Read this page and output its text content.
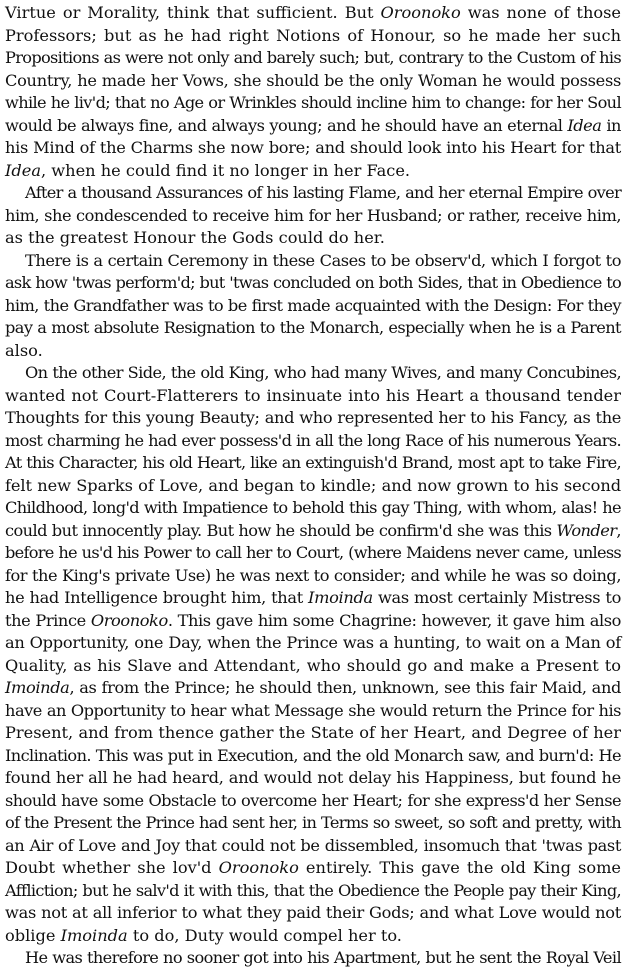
Virtue or Morality, think that sufficient. But Oroonoko was none of those
Professors; but as he had right Notions of Honour, so he made her such
Propositions as were not only and barely such; but, contrary to the Custom of his
Country, he made her Vows, she should be the only Woman he would possess
while he liv'd; that no Age or Wrinkles should incline him to change: for her Soul
would be always fine, and always young; and he should have an eternal Idea in
his Mind of the Charms she now bore; and should look into his Heart for that
Idea, when he could find it no longer in her Face.
After a thousand Assurances of his lasting Flame, and her eternal Empire over
him, she condescended to receive him for her Husband; or rather, receive him,
as the greatest Honour the Gods could do her.
There is a certain Ceremony in these Cases to be observ'd, which I forgot to
ask how 'twas perform'd; but 'twas concluded on both Sides, that in Obedience to
him, the Grandfather was to be first made acquainted with the Design: For they
pay a most absolute Resignation to the Monarch, especially when he is a Parent
also.
On the other Side, the old King, who had many Wives, and many Concubines,
wanted not Court-Flatterers to insinuate into his Heart a thousand tender
Thoughts for this young Beauty; and who represented her to his Fancy, as the
most charming he had ever possess'd in all the long Race of his numerous Years.
At this Character, his old Heart, like an extinguish'd Brand, most apt to take Fire,
felt new Sparks of Love, and began to kindle; and now grown to his second
Childhood, long'd with Impatience to behold this gay Thing, with whom, alas! he
could but innocently play. But how he should be confirm'd she was this Wonder,
before he us'd his Power to call her to Court, (where Maidens never came, unless
for the King's private Use) he was next to consider; and while he was so doing,
he had Intelligence brought him, that Imoinda was most certainly Mistress to
the Prince Oroonoko. This gave him some Chagrine: however, it gave him also
an Opportunity, one Day, when the Prince was a hunting, to wait on a Man of
Quality, as his Slave and Attendant, who should go and make a Present to
Imoinda, as from the Prince; he should then, unknown, see this fair Maid, and
have an Opportunity to hear what Message she would return the Prince for his
Present, and from thence gather the State of her Heart, and Degree of her
Inclination. This was put in Execution, and the old Monarch saw, and burn'd: He
found her all he had heard, and would not delay his Happiness, but found he
should have some Obstacle to overcome her Heart; for she express'd her Sense
of the Present the Prince had sent her, in Terms so sweet, so soft and pretty, with
an Air of Love and Joy that could not be dissembled, insomuch that 'twas past
Doubt whether she lov'd Oroonoko entirely. This gave the old King some
Affliction; but he salv'd it with this, that the Obedience the People pay their King,
was not at all inferior to what they paid their Gods; and what Love would not
oblige Imoinda to do, Duty would compel her to.
He was therefore no sooner got into his Apartment, but he sent the Royal Veil
